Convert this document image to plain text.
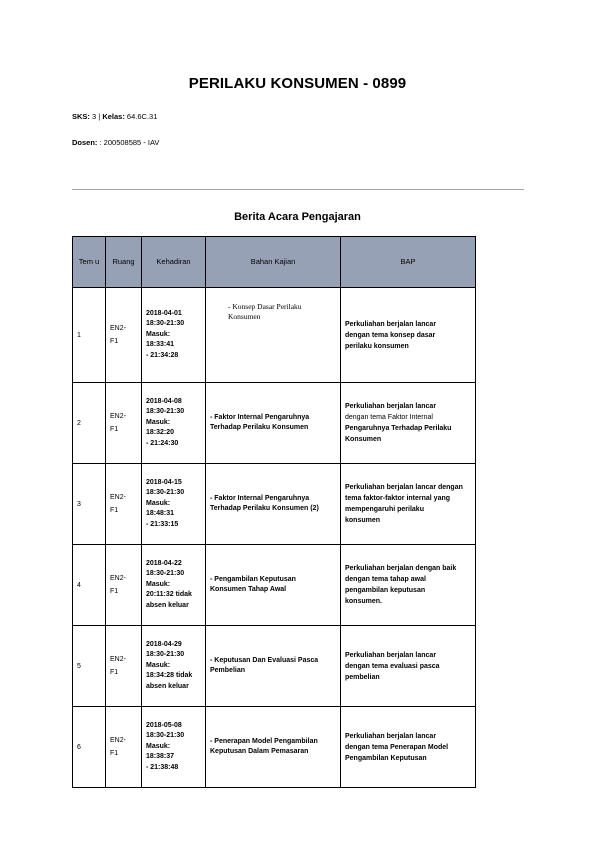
PERILAKU KONSUMEN - 0899
SKS: 3 | Kelas: 64.6C.31
Dosen: : 200508585 - IAV
Berita Acara Pengajaran
Tem u	Ruang	Kehadiran	Bahan Kajian	BAP
1	EN2-
F1	2018-04-01
18:30-21:30
Masuk:
18:33:41
- 21:34:28	- Konsep Dasar Perilaku
Konsumen	Perkuliahan berjalan lancar
dengan tema konsep dasar
perilaku konsumen

2	EN2-
F1	2018-04-08
18:30-21:30
Masuk:
18:32:20
- 21:24:30	- Faktor Internal Pengaruhnya
Terhadap Perilaku Konsumen	Perkuliahan berjalan lancar
dengan tema Faktor Internal
Pengaruhnya Terhadap Perilaku
Konsumen

3	EN2-
F1	2018-04-15
18:30-21:30
Masuk:
18:48:31
- 21:33:15	- Faktor Internal Pengaruhnya
Terhadap Perilaku Konsumen (2)	Perkuliahan berjalan lancar dengan
tema faktor-faktor internal yang
mempengaruhi perilaku
konsumen

4	EN2-
F1	2018-04-22
18:30-21:30
Masuk:
20:11:32 tidak
absen keluar	- Pengambilan Keputusan
Konsumen Tahap Awal	Perkuliahan berjalan dengan baik
dengan tema tahap awal
pengambilan keputusan
konsumen.

5	EN2-
F1	2018-04-29
18:30-21:30
Masuk:
18:34:28 tidak
absen keluar	- Keputusan Dan Evaluasi Pasca
Pembelian	Perkuliahan berjalan lancar
dengan tema evaluasi pasca
pembelian

6	EN2-
F1	2018-05-08
18:30-21:30
Masuk:
18:38:37
- 21:38:48	- Penerapan Model Pengambilan
Keputusan Dalam Pemasaran	Perkuliahan berjalan lancar
dengan tema Penerapan Model
Pengambilan Keputusan
